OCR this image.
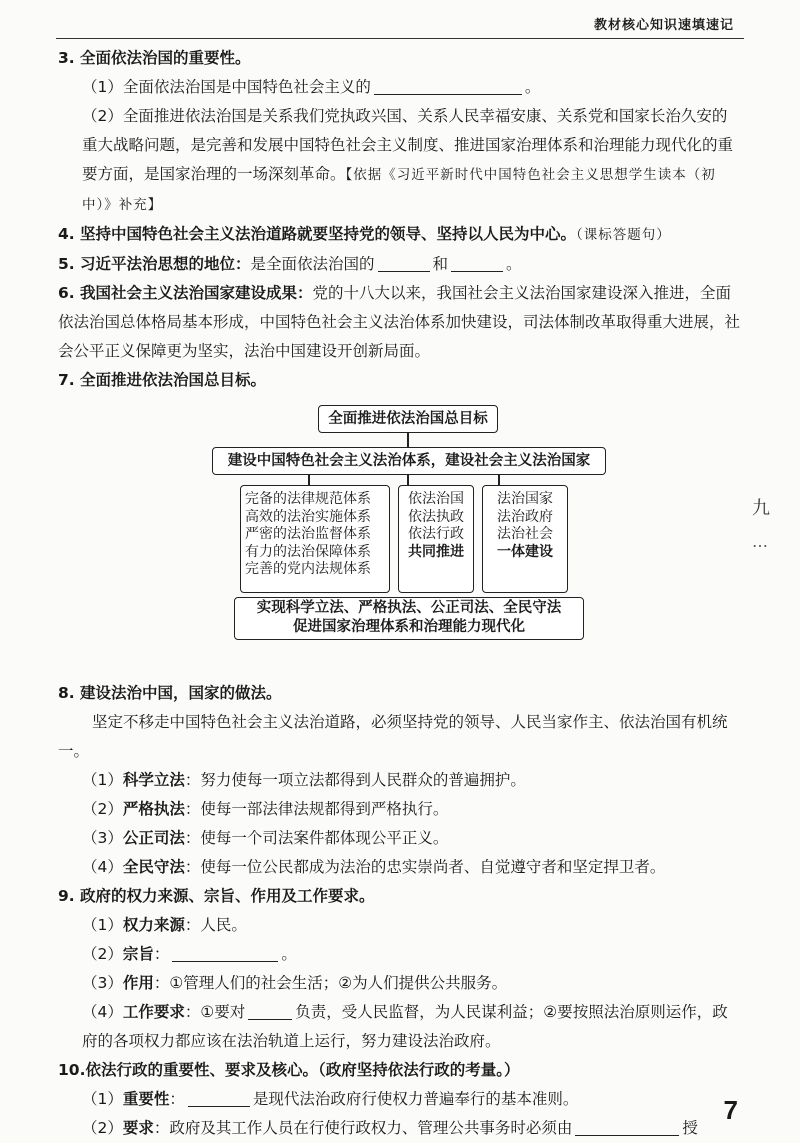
教材核心知识速填速记

3. 全面依法治国的重要性。

（1）全面依法治国是中国特色社会主义的	。

（2）全面推进依法治国是关系我们党执政兴国、关系人民幸福安康、关系党和国家长治久安的重大战略问题，是完善和发展中国特色社会主义制度、推进国家治理体系和治理能力现代化的重要方面，是国家治理的一场深刻革命。【依据《习近平新时代中国特色社会主义思想学生读本（初中）》补充】

4. 坚持中国特色社会主义法治道路就要坚持党的领导、坚持以人民为中心。（课标答题句）

5. 习近平法治思想的地位：是全面依法治国的	和	。

6. 我国社会主义法治国家建设成果：党的十八大以来，我国社会主义法治国家建设深入推进，全面依法治国总体格局基本形成，中国特色社会主义法治体系加快建设，司法体制改革取得重大进展，社会公平正义保障更为坚实，法治中国建设开创新局面。

7. 全面推进依法治国总目标。

全面推进依法治国总目标
建设中国特色社会主义法治体系，建设社会主义法治国家
完备的法律规范体系
高效的法治实施体系
严密的法治监督体系
有力的法治保障体系
完善的党内法规体系
依法治国
依法执政
依法行政
共同推进
法治国家
法治政府
法治社会
一体建设
实现科学立法、严格执法、公正司法、全民守法
促进国家治理体系和治理能力现代化

8. 建设法治中国，国家的做法。

坚定不移走中国特色社会主义法治道路，必须坚持党的领导、人民当家作主、依法治国有机统一。

（1）科学立法：努力使每一项立法都得到人民群众的普遍拥护。

（2）严格执法：使每一部法律法规都得到严格执行。

（3）公正司法：使每一个司法案件都体现公平正义。

（4）全民守法：使每一位公民都成为法治的忠实崇尚者、自觉遵守者和坚定捍卫者。

9. 政府的权力来源、宗旨、作用及工作要求。

（1）权力来源：人民。

（2）宗旨：	。

（3）作用：①管理人们的社会生活；②为人们提供公共服务。

（4）工作要求：①要对	负责，受人民监督，为人民谋利益；②要按照法治原则运作，政府的各项权力都应该在法治轨道上运行，努力建设法治政府。

10.依法行政的重要性、要求及核心。（政府坚持依法行政的考量。）

（1）重要性：	是现代法治政府行使权力普遍奉行的基本准则。

（2）要求：政府及其工作人员在行使行政权力、管理公共事务时必须由	授

九
…
7
